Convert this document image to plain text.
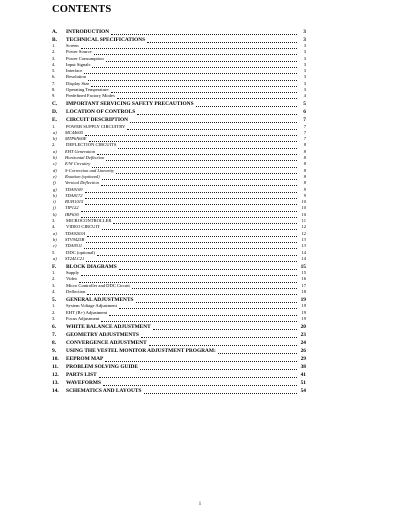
CONTENTS
A.	INTRODUCTION	3
B.	TECHNICAL SPECIFICATIONS	3
1.	Screen	3
2.	Power Source	3
3.	Power Consumption	3
4.	Input Signals	3
5.	Interface	3
6.	Resolution	3
7.	Display Size	3
8.	Operating Temperature	3
9.	Predefined Factory Modes	4
C.	IMPORTANT SERVICING SAFETY PRECAUTIONS	5
D.	LOCATION OF CONTROLS	6
E.	CIRCUIT DESCRIPTION	7
1.	POWER SUPPLY CIRCUITRY	7
a)	MC44605	7
b)	MTP6N60E	7
2.	DEFLECTION CIRCUITS	8
a)	EHT Generation	8
b)	Horizontal Deflection	8
c)	E/W Circuitry	8
d)	S-Correction and Linearity	8
e)	Rotation (optional)	8
f)	Vertical Deflection	8
g)	TDA9109	9
h)	TDA8172	9
i)	BUH1015	10
j)	TIP122	10
k)	IRF630	10
3.	MICROCONTROLLER	11
4.	VIDEO CIRCUIT	12
a)	TDA9203A	12
b)	STV9425B	13
c)	TDA9511	13
5.	DDC (optional)	14
a)	ST24LC21	14
F.	BLOCK DIAGRAMS	15
1.	Supply	15
2.	Video	16
3.	Micro Controller and DDC Circuit	17
4.	Deflection	18
5.	GENERAL ADJUSTMENTS	19
1.	System Voltage Adjustment	19
2.	EHT (B+) Adjustment	19
3.	Focus Adjustment	19
6.	WHITE BALANCE ADJUSTMENT	20
7.	GEOMETRY ADJUSTMENTS	23
8.	CONVERGENCE ADJUSTMENT	24
9.	USING THE VESTEL MONITOR ADJUSTMENT PROGRAM:	26
10.	EEPROM MAP	29
11.	PROBLEM SOLVING GUIDE	38
12.	PARTS LIST	41
13.	WAVEFORMS	51
14.	SCHEMATICS AND LAYOUTS	54
1
